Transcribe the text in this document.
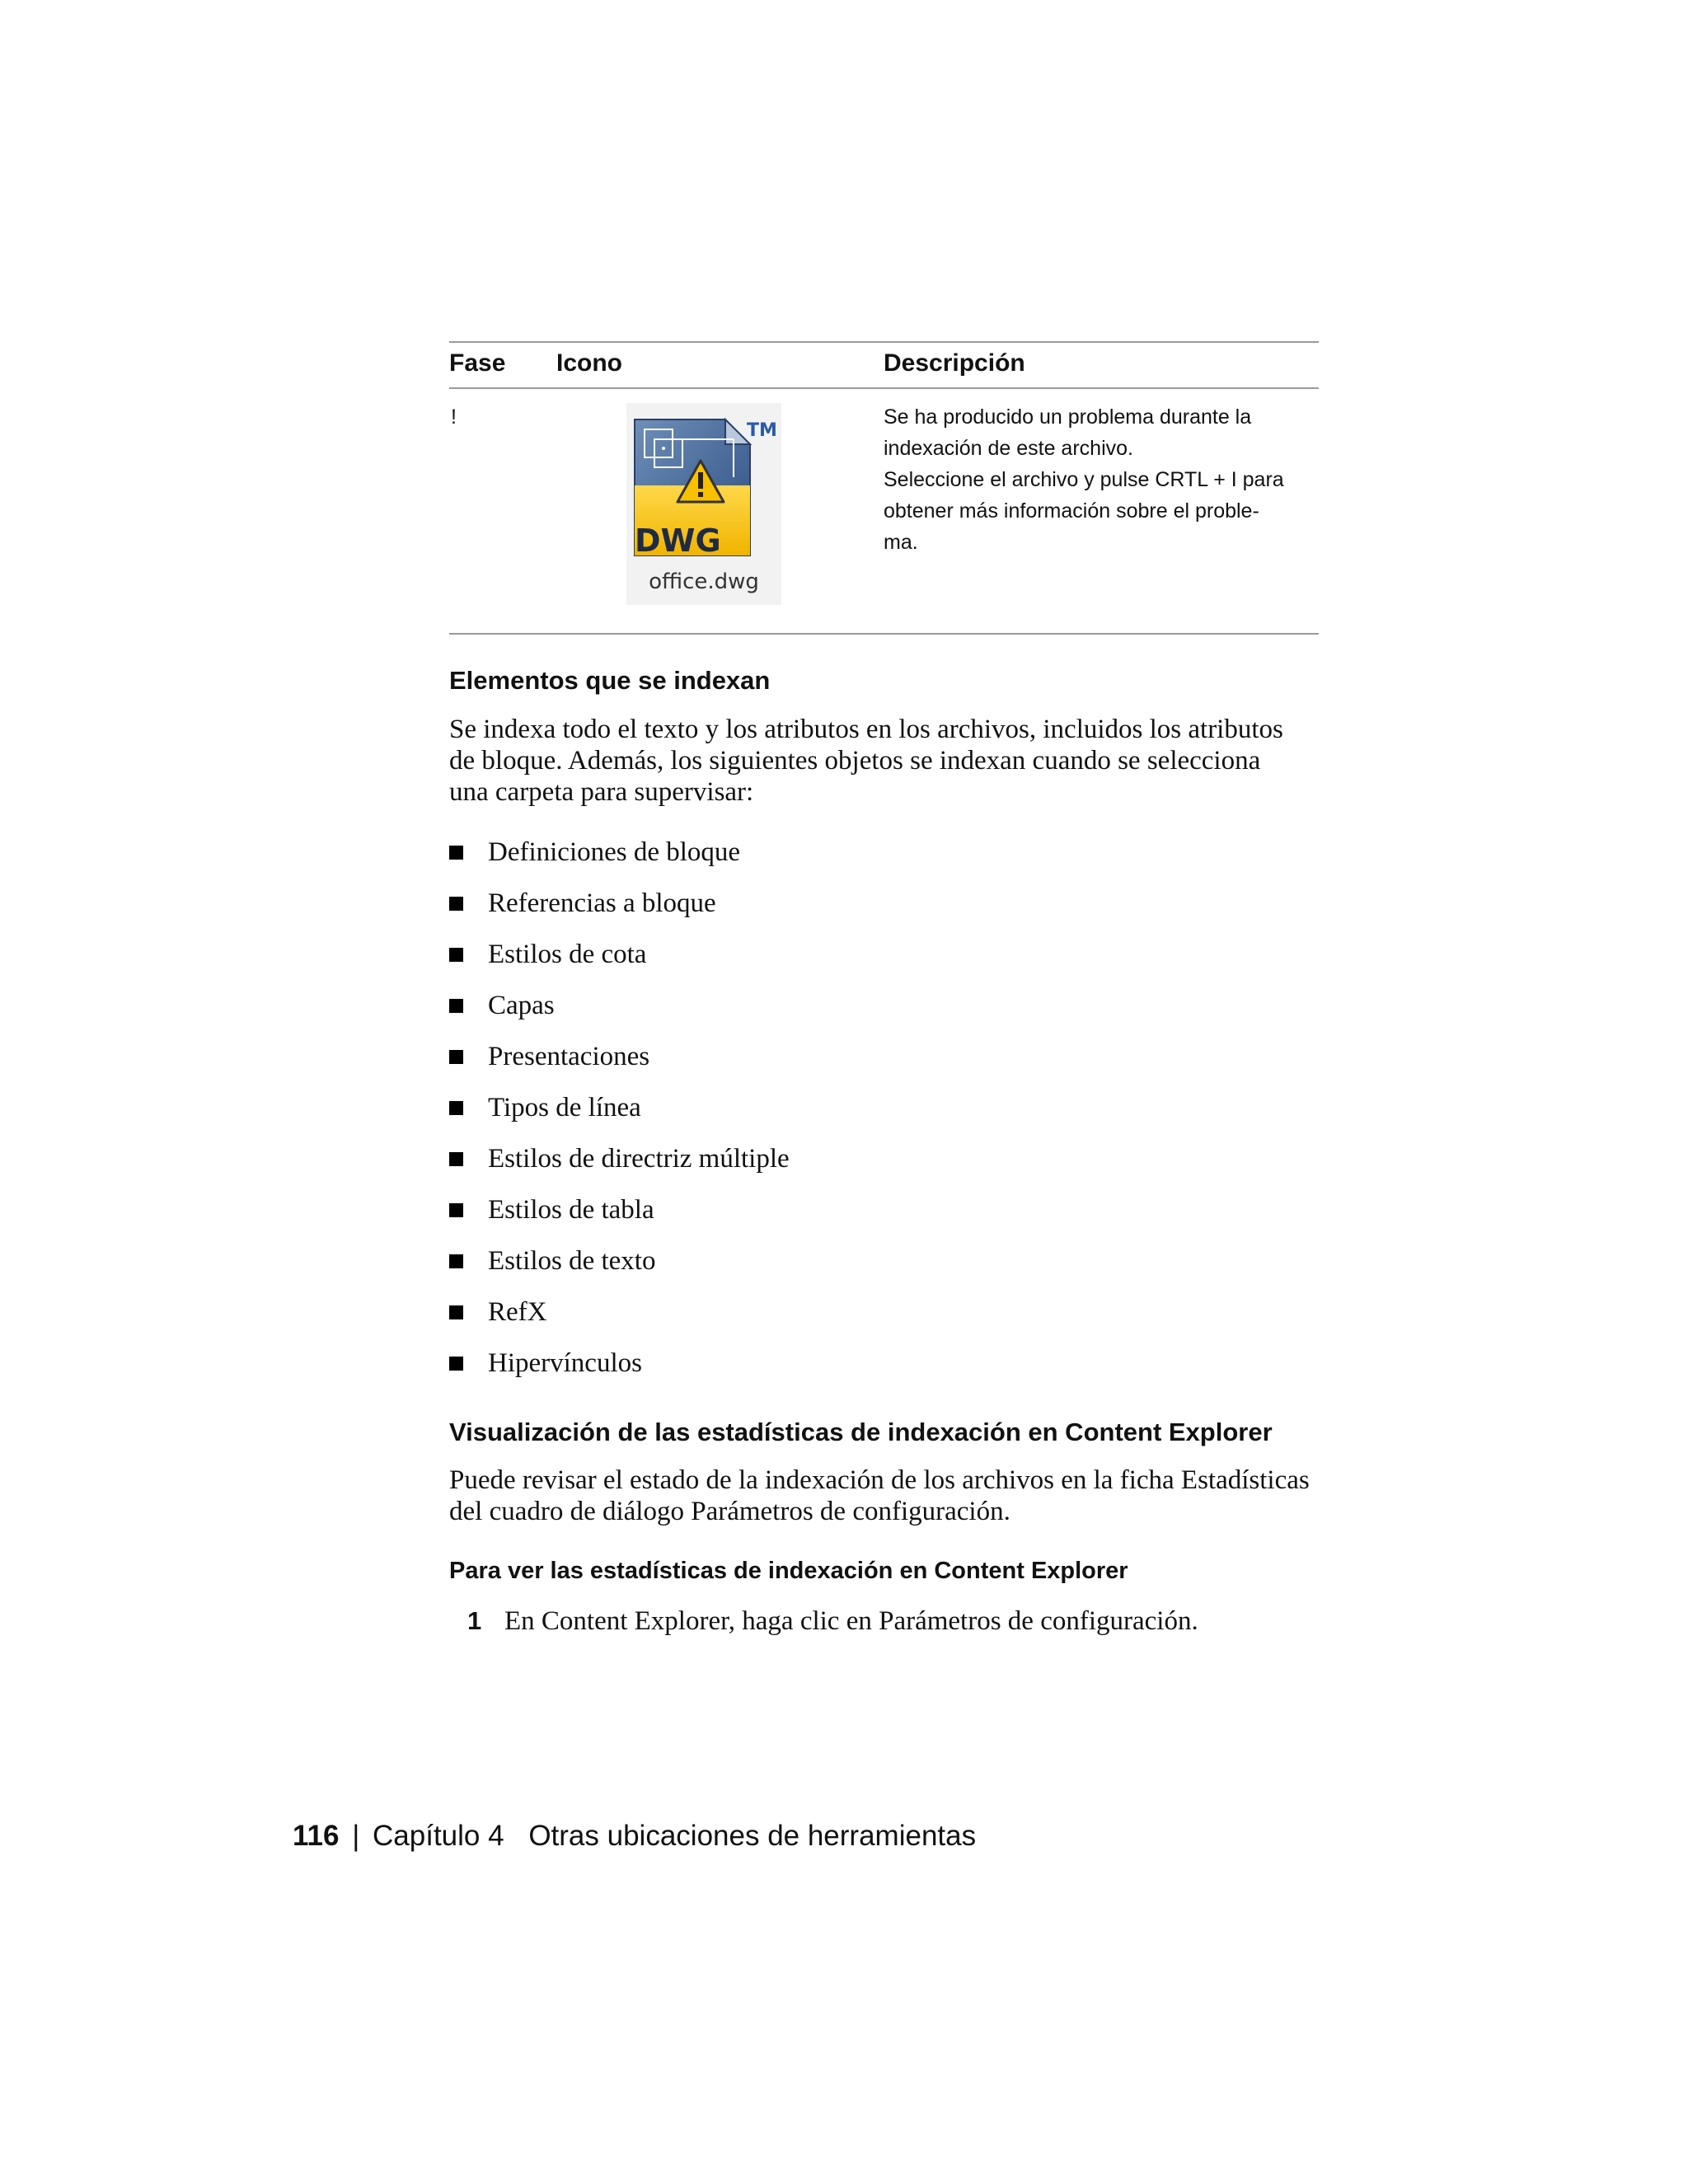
Fase Icono	Descripción
!
DWG
TM
office.dwg
Se ha producido un problema durante la
indexación de este archivo.
Seleccione el archivo y pulse CRTL + I para
obtener más información sobre el proble-
ma.
Elementos que se indexan

Se indexa todo el texto y los atributos en los archivos, incluidos los atributos
de bloque. Además, los siguientes objetos se indexan cuando se selecciona
una carpeta para supervisar:

Definiciones de bloque
Referencias a bloque
Estilos de cota
Capas
Presentaciones
Tipos de línea
Estilos de directriz múltiple
Estilos de tabla
Estilos de texto
RefX
Hipervínculos
Visualización de las estadísticas de indexación en Content Explorer

Puede revisar el estado de la indexación de los archivos en la ficha Estadísticas
del cuadro de diálogo Parámetros de configuración.

Para ver las estadísticas de indexación en Content Explorer
1 En Content Explorer, haga clic en Parámetros de configuración.
116 | Capítulo 4 Otras ubicaciones de herramientas
